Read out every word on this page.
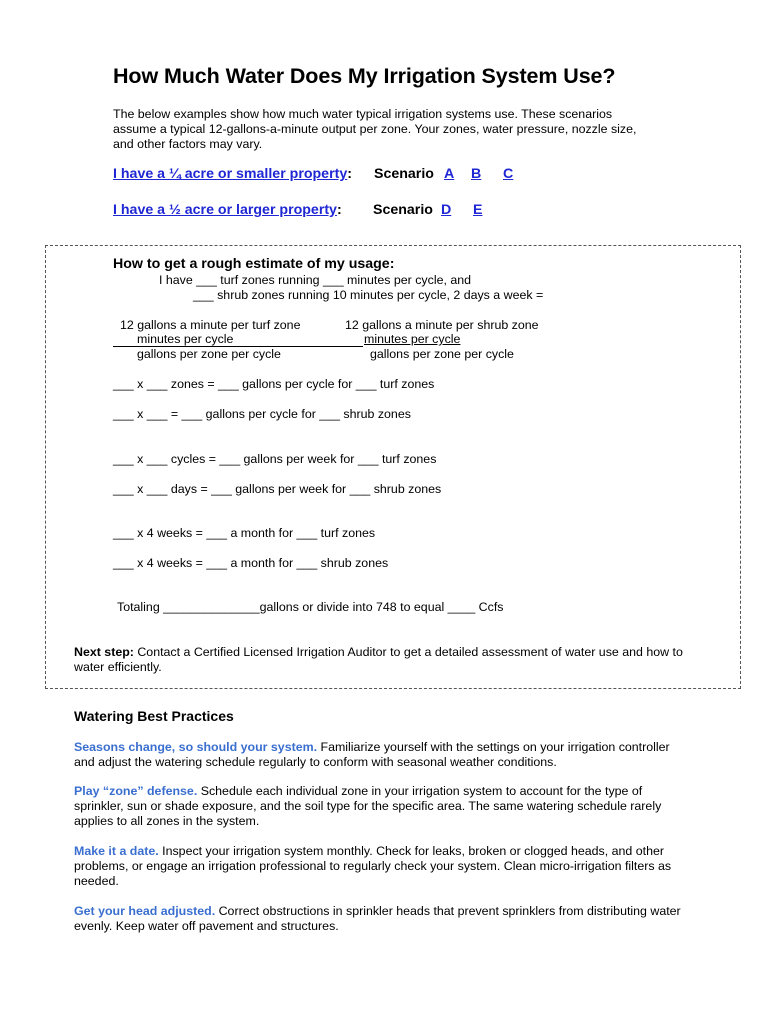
How Much Water Does My Irrigation System Use?
The below examples show how much water typical irrigation systems use. These scenarios
assume a typical 12-gallons-a-minute output per zone. Your zones, water pressure, nozzle size,
and other factors may vary.
I have a ¼ acre or smaller property: Scenario A B C
I have a ½ acre or larger property: Scenario D E
How to get a rough estimate of my usage:
I have ___ turf zones running ___ minutes per cycle, and
___ shrub zones running 10 minutes per cycle, 2 days a week =
12 gallons a minute per turf zone
minutes per cycle
gallons per zone per cycle
12 gallons a minute per shrub zone
minutes per cycle
gallons per zone per cycle
___ x ___ zones = ___ gallons per cycle for ___ turf zones
___ x ___ = ___ gallons per cycle for ___ shrub zones
___ x ___ cycles = ___ gallons per week for ___ turf zones
___ x ___ days = ___ gallons per week for ___ shrub zones
___ x 4 weeks = ___ a month for ___ turf zones
___ x 4 weeks = ___ a month for ___ shrub zones
Totaling ______________gallons or divide into 748 to equal ____ Ccfs
Next step: Contact a Certified Licensed Irrigation Auditor to get a detailed assessment of water use and how to
water efficiently.
Watering Best Practices
Seasons change, so should your system. Familiarize yourself with the settings on your irrigation controller
and adjust the watering schedule regularly to conform with seasonal weather conditions.
Play “zone” defense. Schedule each individual zone in your irrigation system to account for the type of
sprinkler, sun or shade exposure, and the soil type for the specific area. The same watering schedule rarely
applies to all zones in the system.
Make it a date. Inspect your irrigation system monthly. Check for leaks, broken or clogged heads, and other
problems, or engage an irrigation professional to regularly check your system. Clean micro-irrigation filters as
needed.
Get your head adjusted. Correct obstructions in sprinkler heads that prevent sprinklers from distributing water
evenly. Keep water off pavement and structures.
